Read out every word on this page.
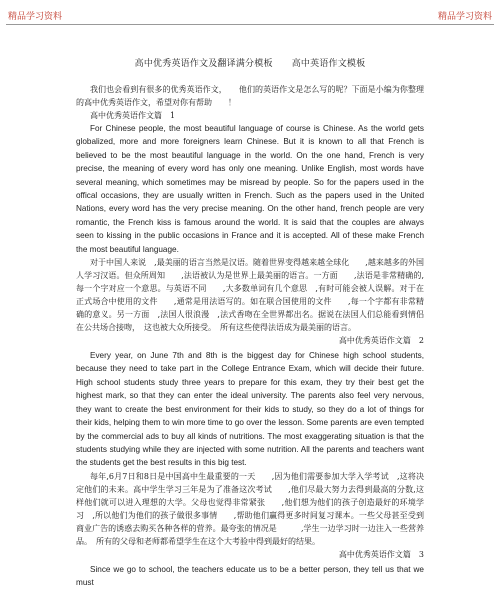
精品学习资料	精品学习资料

高中优秀英语作文及翻译满分模板 高中英语作文模板

我们也会看到有很多的优秀英语作文，　　他们的英语作文是怎么写的呢？下面是小编为你整理的高中优秀英语作文，希望对你有帮助　　！

高中优秀英语作文篇　1

For Chinese people, the most beautiful language of course is Chinese. As the world gets globalized, more and more foreigners learn Chinese. But it is known to all that French is believed to be the most beautiful language in the world. On the one hand, French is very precise, the meaning of every word has only one meaning. Unlike English, most words have several meaning, which sometimes may be misread by people. So for the papers used in the offical occasions, they are usually written in French. Such as the papers used in the United Nations, every word has the very precise meaning. On the other hand, french people are very romantic, the French kiss is famous around the world. It is said that the couples are always seen to kissing in the public occasions in France and it is accepted. All of these make French the most beautiful language.

对于中国人来说　,最美丽的语言当然是汉语。随着世界变得越来越全球化　　,越来越多的外国人学习汉语。但众所周知　　,法语被认为是世界上最美丽的语言。一方面　　,法语是非常精确的,每一个字对应一个意思。与英语不同　　,大多数单词有几个意思　,有时可能会被人误解。对于在正式场合中使用的文件　　,通常是用法语写的。如在联合国使用的文件　　,每一个字都有非常精确的意义。另一方面　,法国人很浪漫　,法式香吻在全世界都出名。据说在法国人们总能看到情侣在公共场合接吻，　这也被大众所接受。　所有这些使得法语成为最美丽的语言。

高中优秀英语作文篇　2

Every year, on June 7th and 8th is the biggest day for Chinese high school students, because they need to take part in the College Entrance Exam, which will decide their future. High school students study three years to prepare for this exam, they try their best get the highest mark, so that they can enter the ideal university. The parents also feel very nervous, they want to create the best environment for their kids to study, so they do a lot of things for their kids, helping them to win more time to go over the lesson. Some parents are even tempted by the commercial ads to buy all kinds of nutritions. The most exaggerating situation is that the students studying while they are injected with some nutrition. All the parents and teachers want the students get the best results in this big test.

每年,6月7日和8日是中国高中生最重要的一天　　,因为他们需要参加大学入学考试　,这将决定他们的未来。高中学生学习三年是为了准备这次考试　　,他们尽最大努力去得到最高的分数,这样他们就可以进入理想的大学。父母也觉得非常紧张　　,他们想为他们的孩子创造最好的环境学习　,所以他们为他们的孩子做很多事情　　,帮助他们赢得更多时间复习课本。一些父母甚至受到商业广告的诱惑去购买各种各样的营养。最夸张的情况是　　　,学生一边学习时一边注入一些营养品。　所有的父母和老师都希望学生在这个大考验中得到最好的结果。

高中优秀英语作文篇　3

Since we go to school, the teachers educate us to be a better person, they tell us that we must
